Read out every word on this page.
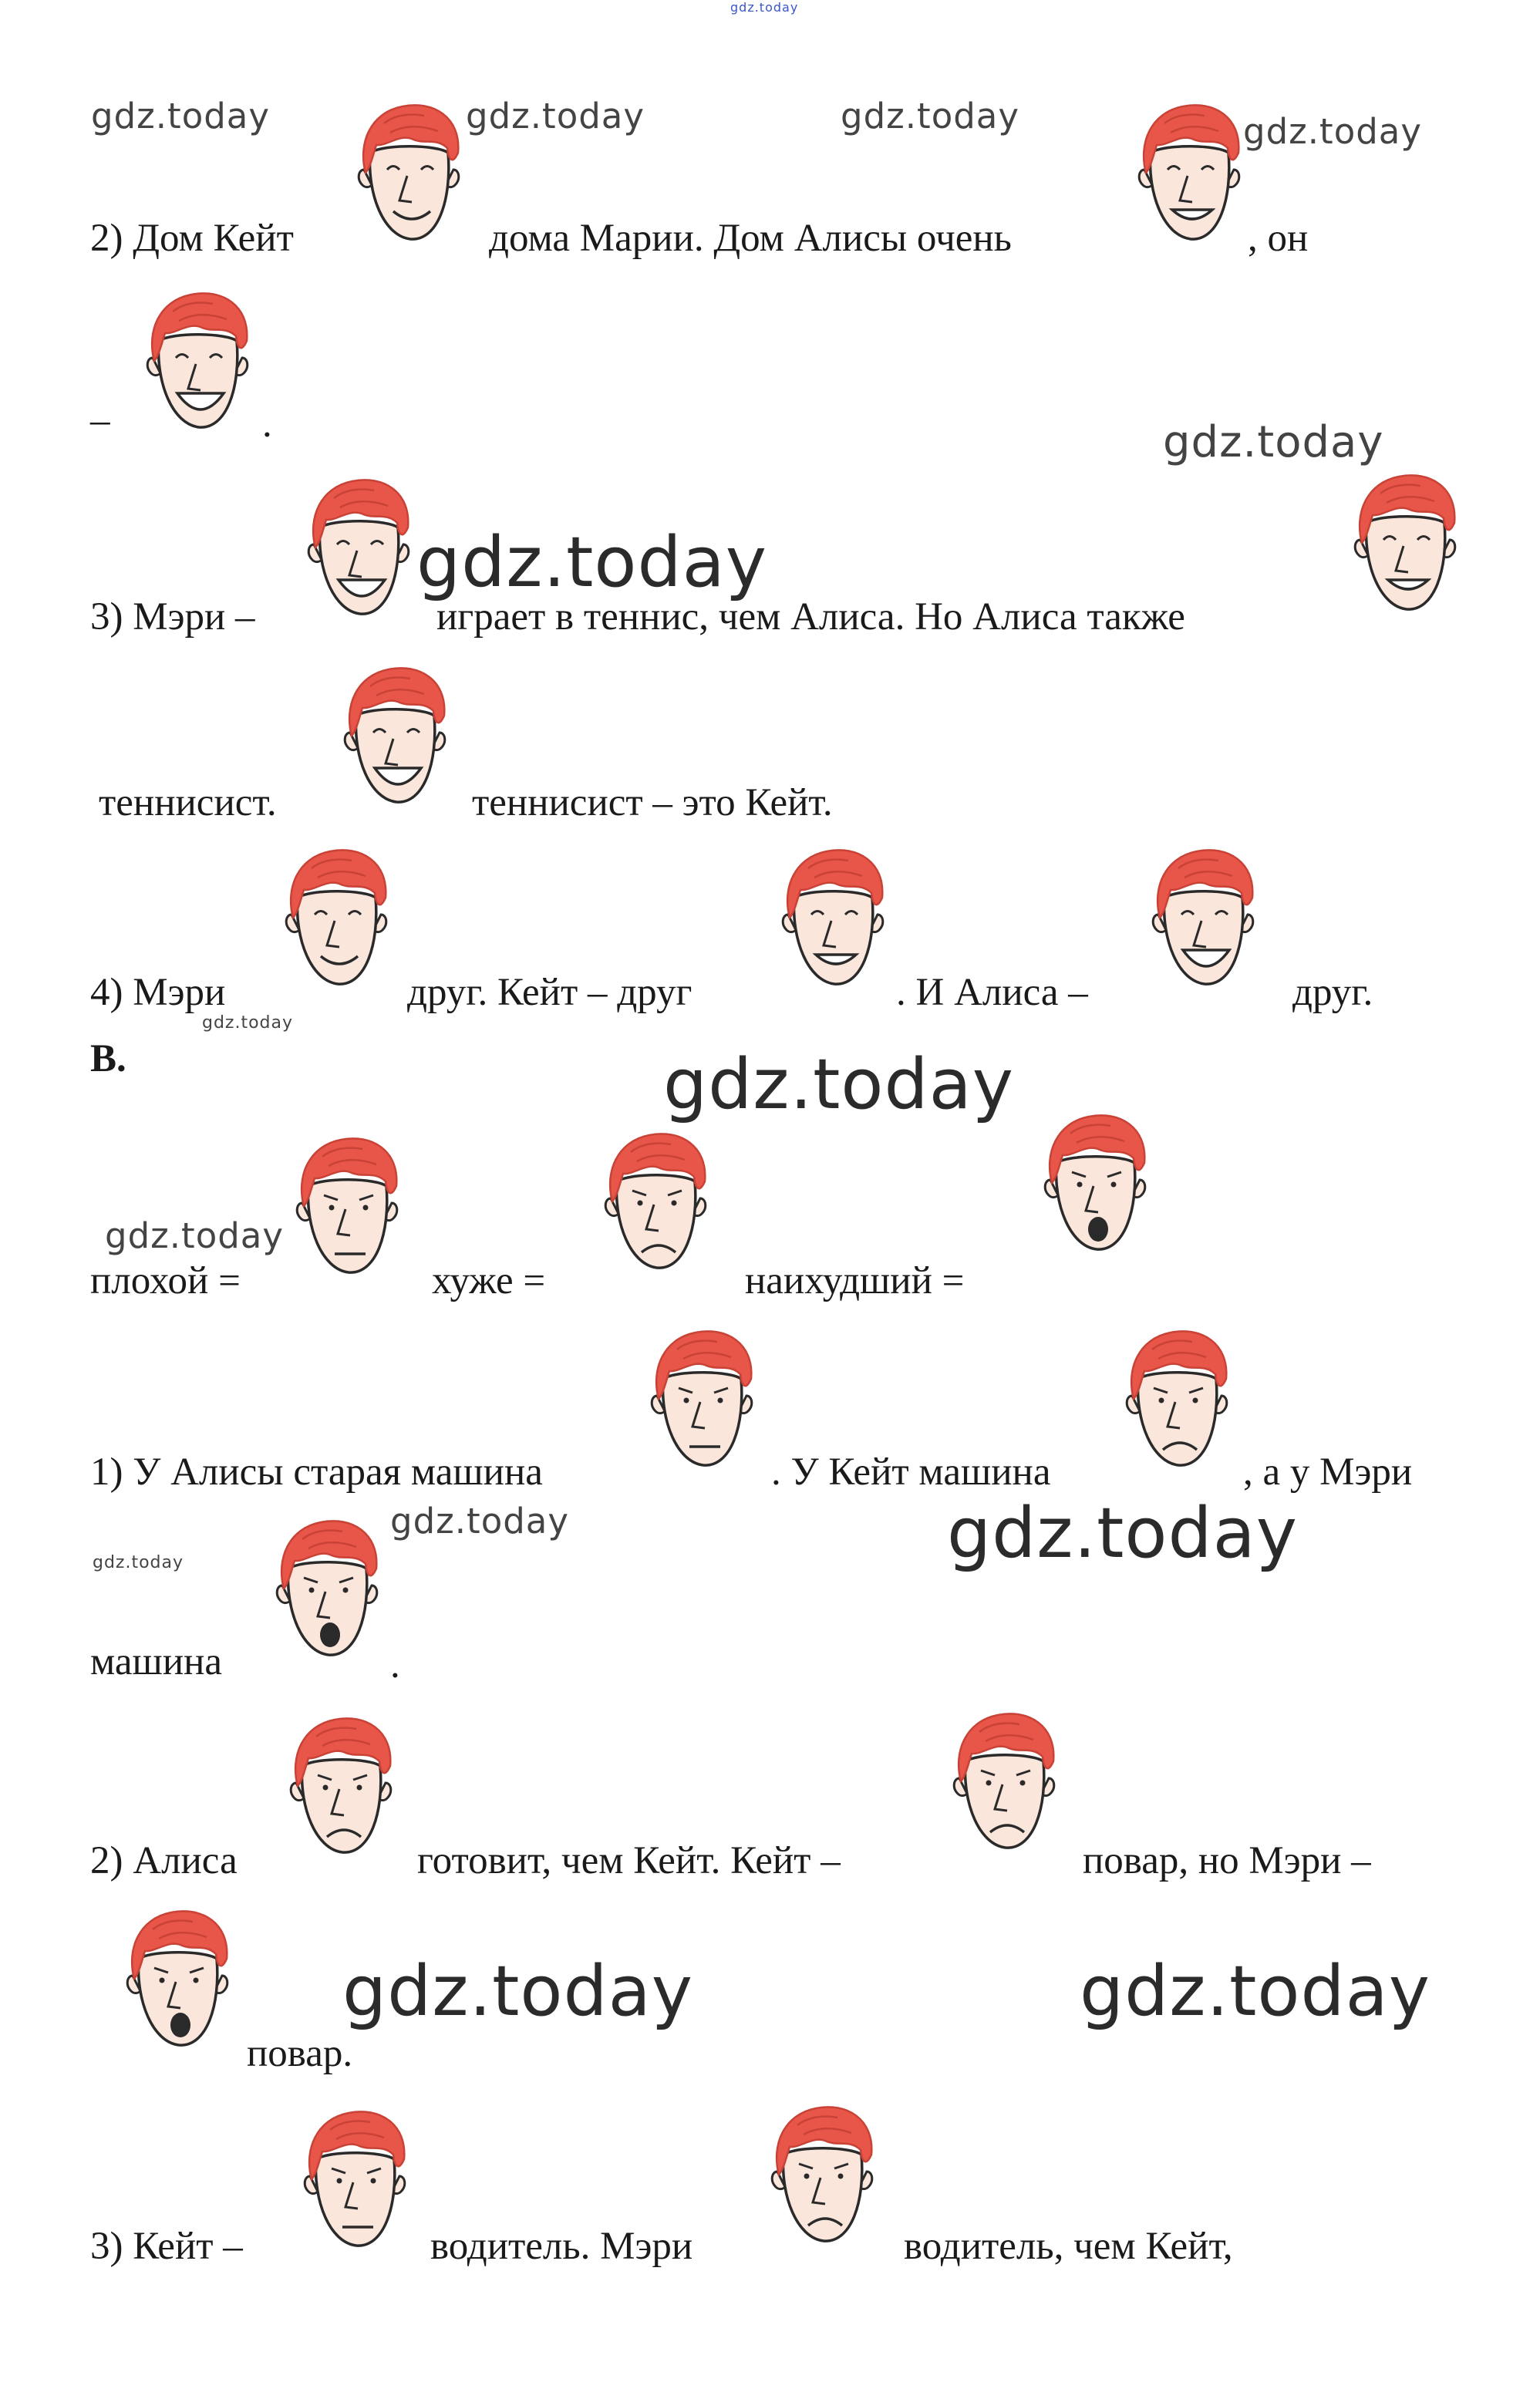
gdz.today
gdz.today	gdz.today	gdz.today	gdz.today
2) Дом Кейт	дома Марии. Дом Алисы очень	, он
–	.	gdz.today
gdz.today
3) Мэри –	играет в теннис, чем Алиса. Но Алиса также
теннисист.	теннисист – это Кейт.
4) Мэри	друг. Кейт – друг	. И Алиса –	друг.
gdz.today
B.	gdz.today
gdz.today
плохой =	хуже =	наихудший =
1) У Алисы старая машина	. У Кейт машина	, а у Мэри
gdz.today
gdz.today	gdz.today
машина	.
2) Алиса	готовит, чем Кейт. Кейт –	повар, но Мэри –
gdz.today	gdz.today
повар.
3) Кейт –	водитель. Мэри	водитель, чем Кейт,
